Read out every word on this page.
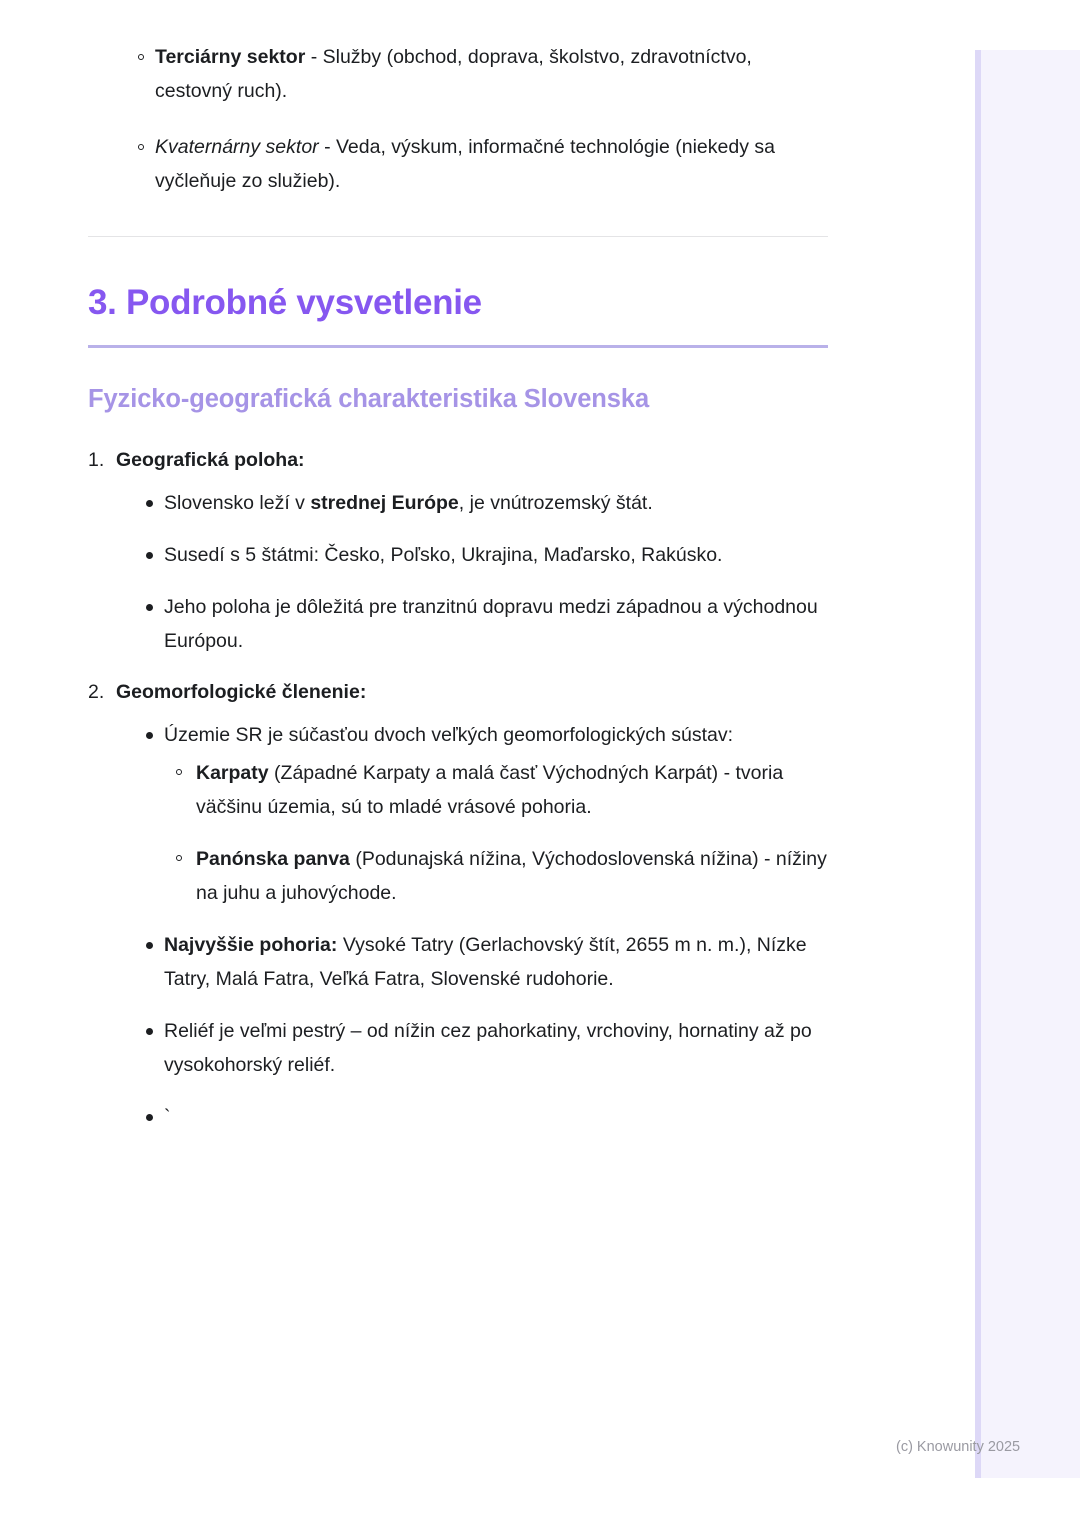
Terciárny sektor - Služby (obchod, doprava, školstvo, zdravotníctvo, cestovný ruch).
Kvaternárny sektor - Veda, výskum, informačné technológie (niekedy sa vyčleňuje zo služieb).
3. Podrobné vysvetlenie
Fyzicko-geografická charakteristika Slovenska
Geografická poloha:
Slovensko leží v strednej Európe, je vnútrozemský štát.
Susedí s 5 štátmi: Česko, Poľsko, Ukrajina, Maďarsko, Rakúsko.
Jeho poloha je dôležitá pre tranzitnú dopravu medzi západnou a východnou Európou.
Geomorfologické členenie:
Územie SR je súčasťou dvoch veľkých geomorfologických sústav:
Karpaty (Západné Karpaty a malá časť Východných Karpát) - tvoria väčšinu územia, sú to mladé vrásové pohoria.
Panónska panva (Podunajská nížina, Východoslovenská nížina) - nížiny na juhu a juhovýchode.
Najvyššie pohoria: Vysoké Tatry (Gerlachovský štít, 2655 m n. m.), Nízke Tatry, Malá Fatra, Veľká Fatra, Slovenské rudohorie.
Reliéf je veľmi pestrý – od nížin cez pahorkatiny, vrchoviny, hornatiny až po vysokohorský reliéf.
`
(c) Knowunity 2025
